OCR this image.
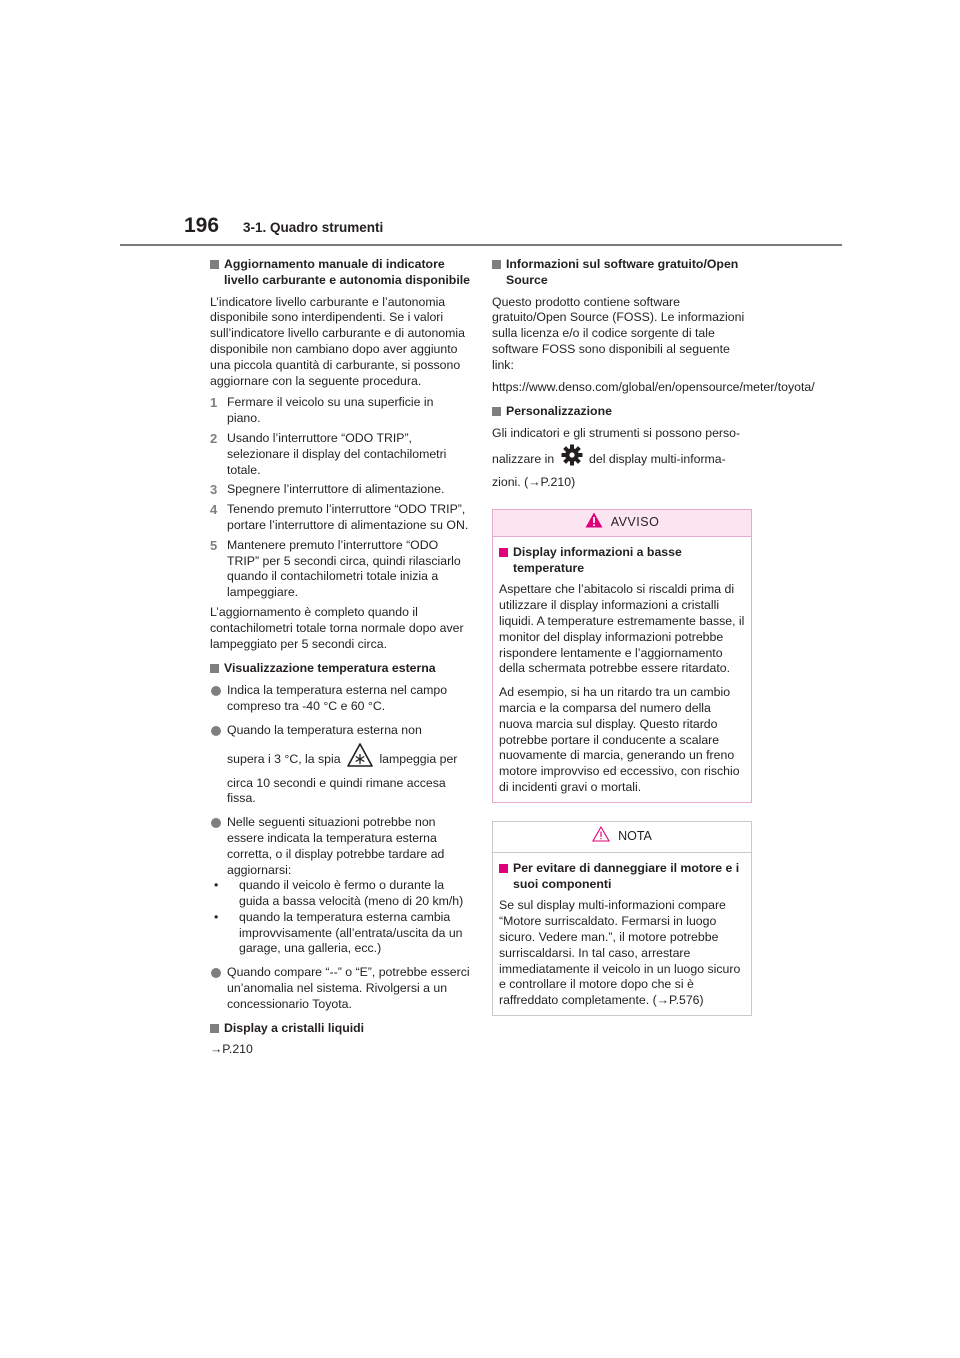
196 3-1. Quadro strumenti
Aggiornamento manuale di indicatore livello carburante e autonomia disponibile

L’indicatore livello carburante e l’autonomia disponibile sono interdipendenti. Se i valori sull’indicatore livello carburante e di autonomia disponibile non cambiano dopo aver aggiunto una piccola quantità di carburante, si possono aggiornare con la seguente procedura.

1 Fermare il veicolo su una superficie in piano.
2 Usando l’interruttore “ODO TRIP”, selezionare il display del contachilometri totale.
3 Spegnere l’interruttore di alimentazione.
4 Tenendo premuto l’interruttore “ODO TRIP”, portare l’interruttore di alimentazione su ON.
5 Mantenere premuto l’interruttore “ODO TRIP” per 5 secondi circa, quindi rilasciarlo quando il contachilometri totale inizia a lampeggiare.

L’aggiornamento è completo quando il contachilometri totale torna normale dopo aver lampeggiato per 5 secondi circa.

Visualizzazione temperatura esterna
Indica la temperatura esterna nel campo compreso tra -40 °C e 60 °C.
Quando la temperatura esterna non
supera i 3 °C, la spia	lampeggia per
circa 10 secondi e quindi rimane accesa fissa.
Nelle seguenti situazioni potrebbe non essere indicata la temperatura esterna corretta, o il display potrebbe tardare ad aggiornarsi:
• quando il veicolo è fermo o durante la guida a bassa velocità (meno di 20 km/h)
• quando la temperatura esterna cambia improvvisamente (all’entrata/uscita da un garage, una galleria, ecc.)
Quando compare “--” o “E”, potrebbe esserci un’anomalia nel sistema. Rivolgersi a un concessionario Toyota.
Display a cristalli liquidi

→P.210

Informazioni sul software gratuito/Open Source

Questo prodotto contiene software gratuito/Open Source (FOSS). Le informazioni sulla licenza e/o il codice sorgente di tale software FOSS sono disponibili al seguente link:

https://www.denso.com/global/en/opensource/meter/toyota/

Personalizzazione
Gli indicatori e gli strumenti si possono perso-
nalizzare in	del display multi-informa-
zioni. (→P.210)
AVVISO
Display informazioni a basse temperature

Aspettare che l’abitacolo si riscaldi prima di utilizzare il display informazioni a cristalli liquidi. A temperature estremamente basse, il monitor del display informazioni potrebbe rispondere lentamente e l’aggiornamento della schermata potrebbe essere ritardato.

Ad esempio, si ha un ritardo tra un cambio marcia e la comparsa del numero della nuova marcia sul display. Questo ritardo potrebbe portare il conducente a scalare nuovamente di marcia, generando un freno motore improvviso ed eccessivo, con rischio di incidenti gravi o mortali.

NOTA
Per evitare di danneggiare il motore e i suoi componenti

Se sul display multi-informazioni compare “Motore surriscaldato. Fermarsi in luogo sicuro. Vedere man.”, il motore potrebbe surriscaldarsi. In tal caso, arrestare immediatamente il veicolo in un luogo sicuro e controllare il motore dopo che si è raffreddato completamente. (→P.576)
